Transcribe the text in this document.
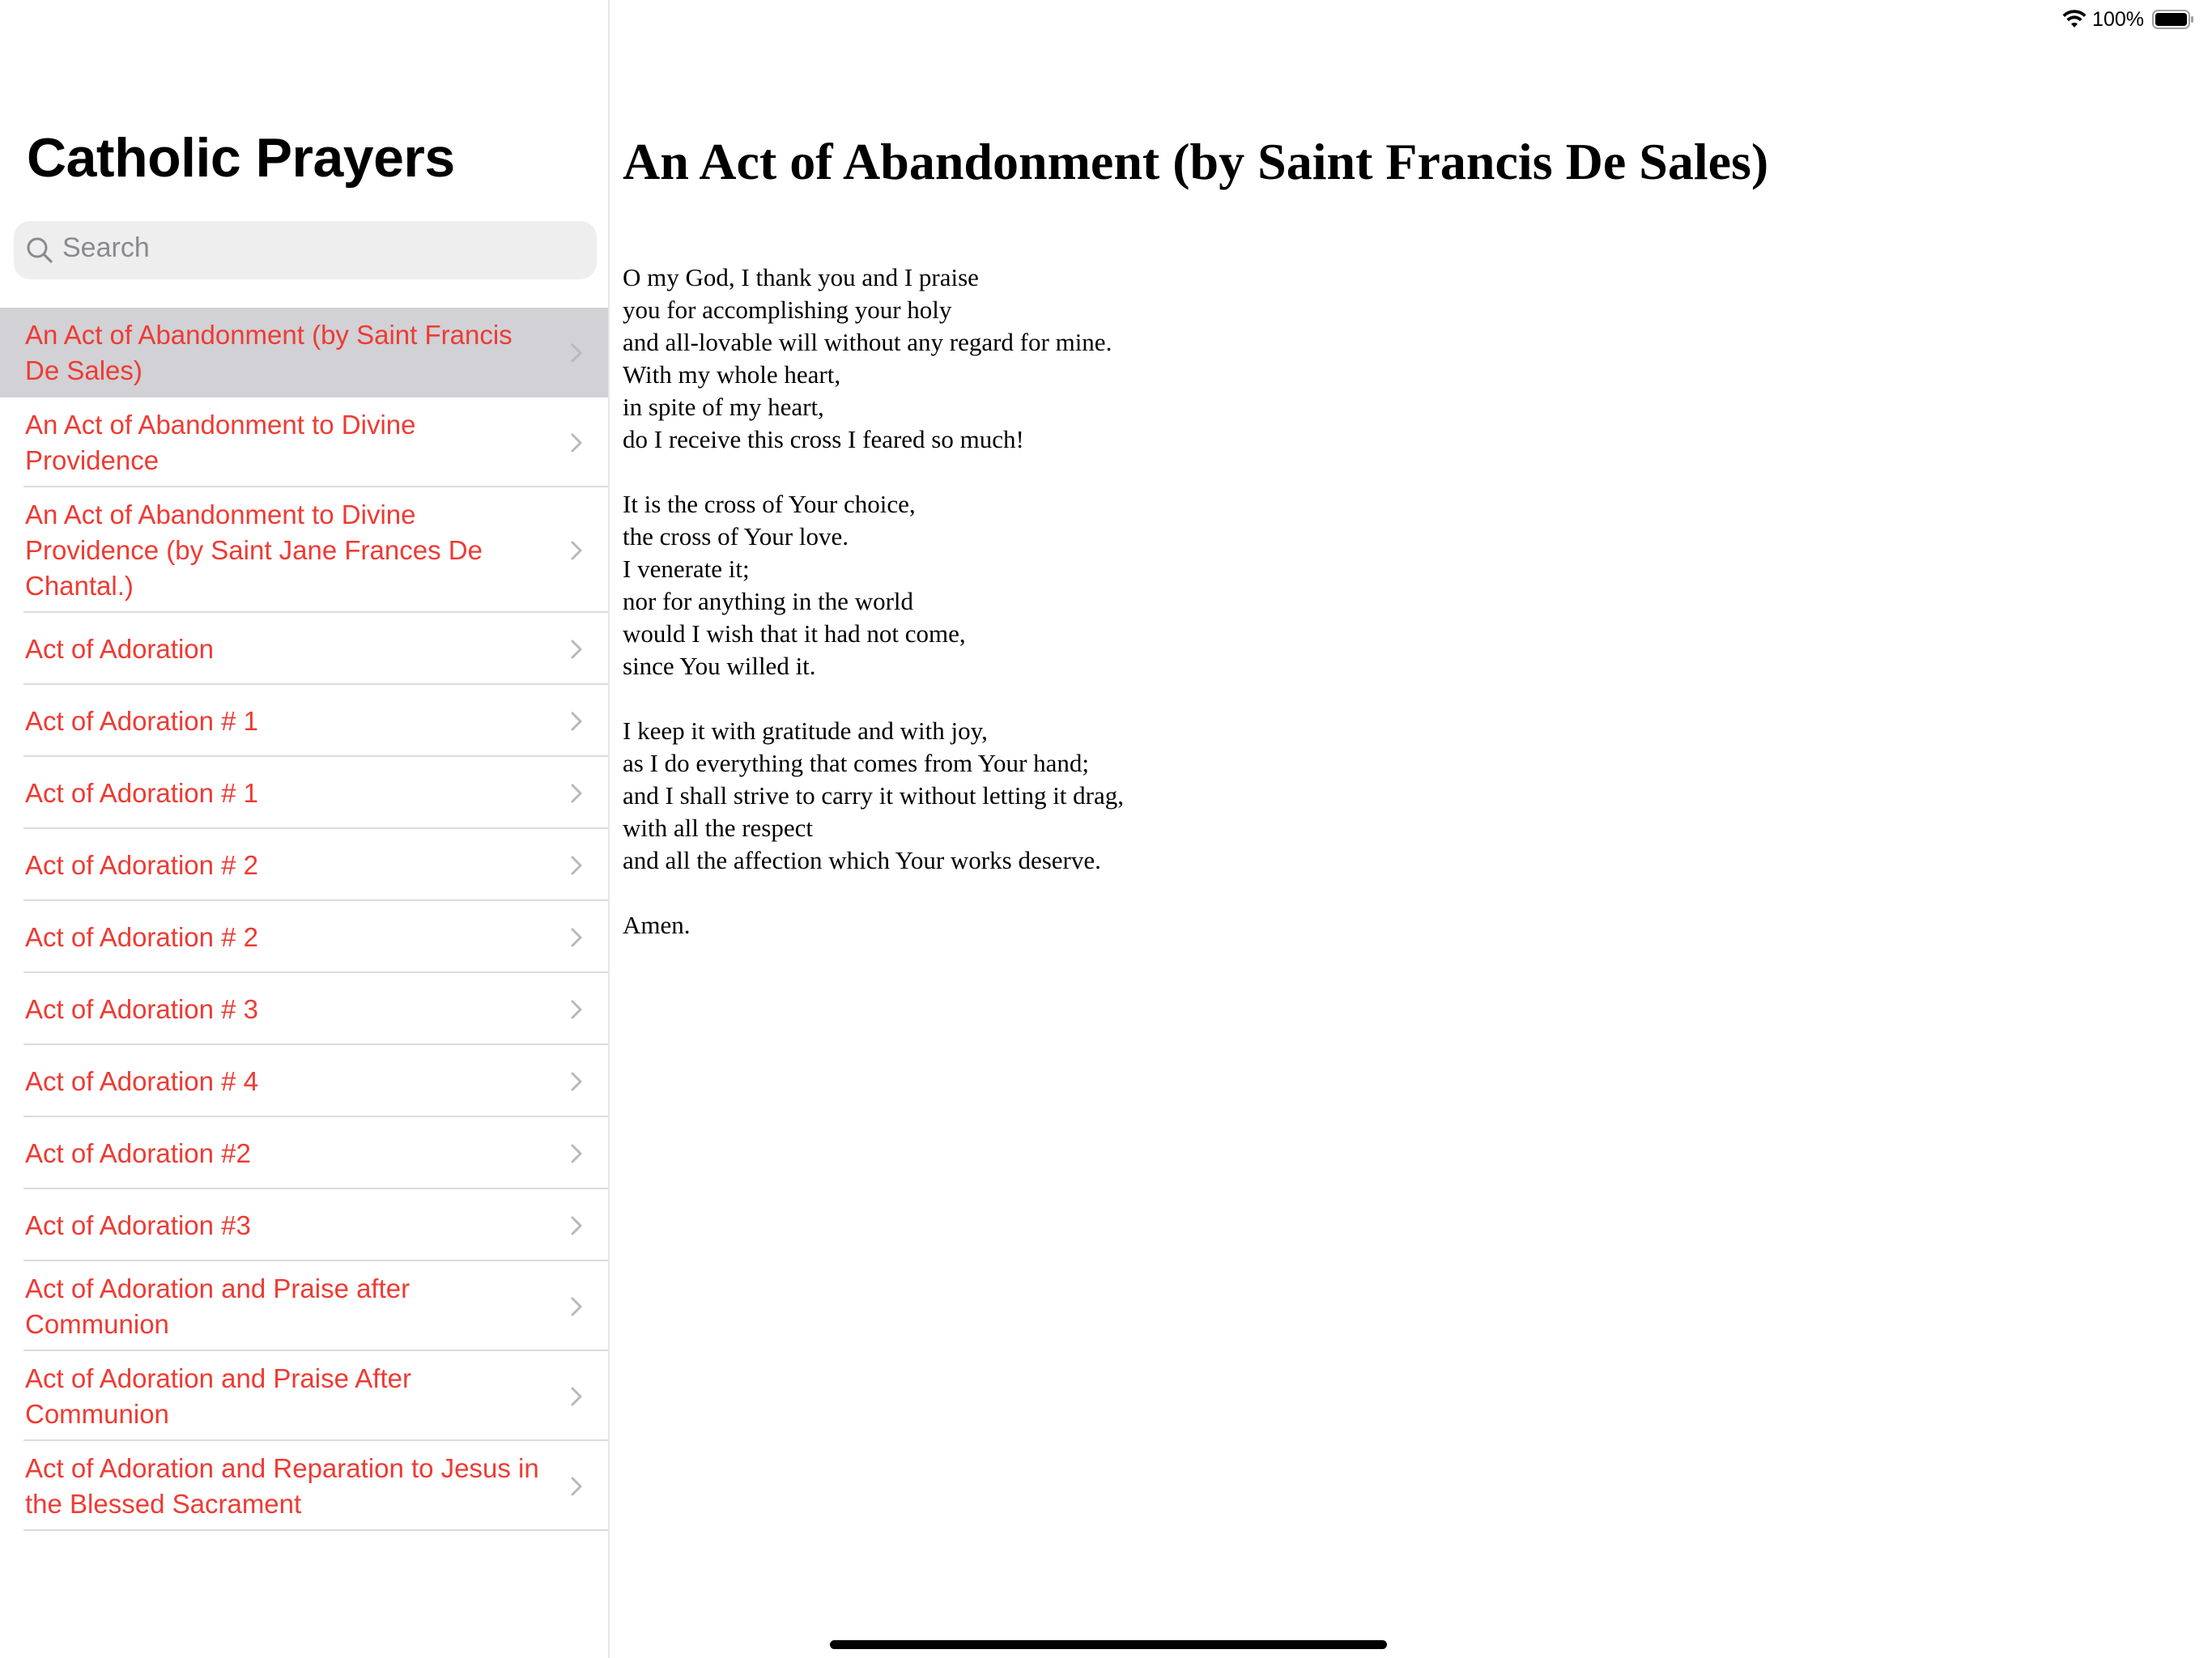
100%
Catholic Prayers
Search
An Act of Abandonment (by Saint Francis De Sales)
An Act of Abandonment to Divine Providence
An Act of Abandonment to Divine Providence (by Saint Jane Frances De Chantal.)
Act of Adoration
Act of Adoration # 1
Act of Adoration # 1
Act of Adoration # 2
Act of Adoration # 2
Act of Adoration # 3
Act of Adoration # 4
Act of Adoration #2
Act of Adoration #3
Act of Adoration and Praise after Communion
Act of Adoration and Praise After Communion
Act of Adoration and Reparation to Jesus in the Blessed Sacrament
An Act of Abandonment (by Saint Francis De Sales)
O my God, I thank you and I praise
you for accomplishing your holy
and all-lovable will without any regard for mine.
With my whole heart,
in spite of my heart,
do I receive this cross I feared so much!
It is the cross of Your choice,
the cross of Your love.
I venerate it;
nor for anything in the world
would I wish that it had not come,
since You willed it.
I keep it with gratitude and with joy,
as I do everything that comes from Your hand;
and I shall strive to carry it without letting it drag,
with all the respect
and all the affection which Your works deserve.
Amen.
